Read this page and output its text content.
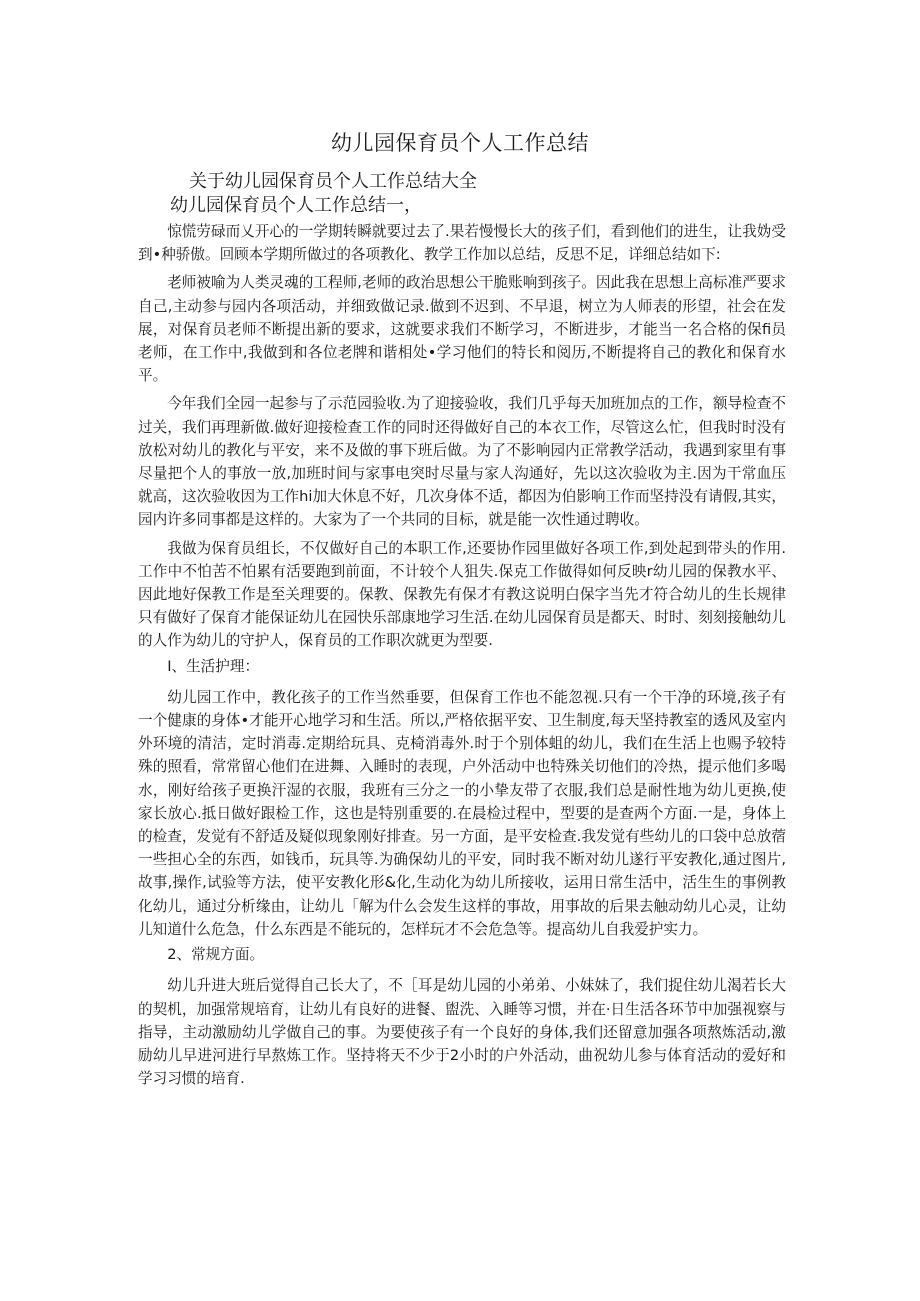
幼儿园保育员个人工作总结
关于幼儿园保育员个人工作总结大全
幼儿园保育员个人工作总结一，

惊慌劳碌而乂开心的一学期转瞬就要过去了.果若慢慢长大的孩子们，看到他们的进生，让我妫受到•种骄傲。回顾本学期所做过的各项教化、教学工作加以总结，反思不足，详细总结如下:

老师被喻为人类灵魂的工程师,老师的政治思想公干脆账响到孩子。因此我在思想上高标准严要求自己,主动参与园内各项活动，并细致做记录.做到不迟到、不早退，树立为人师表的形望，社会在发展，对保育员老师不断提出新的要求，这就要求我们不断学习，不断进步，才能当一名合格的保fi员老师，在工作中,我做到和各位老牌和谐相处•学习他们的特长和阅历,不断提将自己的教化和保育水平。

今年我们全园一起参与了示范园验收.为了迎接验收，我们几乎每天加班加点的工作，额导检查不过关，我们再理新做.做好迎接检查工作的同时还得做好自己的本衣工作，尽管这么忙，但我时时没有放松对幼儿的教化与平安，来不及做的事下班后做。为了不影响园内正常教学活动，我遇到家里有事尽量把个人的事放一放,加班时间与家事电突时尽量与家人沟通好，先以这次验收为主.因为干常血压就高，这次验收因为工作hi加大休息不好，几次身体不适，都因为伯影响工作而坚持没有请假,其实，园内许多同事都是这样的。大家为了一个共同的目标，就是能一次性通过聘收。

我做为保育员组长，不仅做好自己的本职工作,还要协作园里做好各项工作,到处起到带头的作用.工作中不怕苦不怕累有活要跑到前面，不计较个人狙失.保克工作做得如何反映r幼儿园的保教水平、因此地好保教工作是至关理要的。保教、保教先有保才有教这说明白保字当先才符合幼儿的生长规律只有做好了保育才能保证幼儿在园快乐部康地学习生活.在幼儿园保育员是都天、时时、刻刻接触幼儿的人作为幼儿的守护人，保育员的工作职次就更为型要.

I、生活护理：

幼儿园工作中，教化孩子的工作当然垂要，但保育工作也不能忽视.只有一个干净的环境,孩子有一个健康的身体•才能开心地学习和生活。所以,严格依据平安、卫生制度,每天坚持教室的透风及室内外环境的清洁，定时消毒.定期给玩具、克椅消毒外.时于个别体蛆的幼儿，我们在生活上也赐予较特殊的照看，常常留心他们在进舞、入睡时的表现，户外活动中也特殊关切他们的冷热，提示他们多喝水，刚好给孩子更换汗湿的衣服，我班有三分之一的小挚友带了衣服,我们总是耐性地为幼儿更换,使家长放心.抵日做好跟检工作，这也是特别重要的.在晨检过程中，型要的是查两个方面.一是，身体上的检查，发觉有不舒适及疑似现象刚好排查。另一方面，是平安检查.我发觉有些幼儿的口袋中总放蓿一些担心全的东西，如钱币，玩具等.为确保幼儿的平安，同时我不断对幼儿遂行平安教化,通过图片,故事,操作,试验等方法，使平安教化形&化,生动化为幼儿所接收，运用日常生活中，活生生的事例教化幼儿，通过分析缘由，让幼儿「解为什么会发生这样的事故，用事故的后果去触动幼儿心灵，让幼儿知道什么危急，什么东西是不能玩的，怎样玩才不会危急等。提高幼儿自我爱护实力。

2、常规方面。

幼儿升进大班后觉得自己长大了，不［耳是幼儿园的小弟弟、小妹妹了，我们捉住幼儿渴若长大的契机，加强常规培育，让幼儿有良好的进餐、盥洗、入睡等习惯，并在·日生活各环节中加强视察与指导，主动激励幼儿学做自己的事。为要使孩子有一个良好的身体,我们还留意加强各项熬炼活动,激励幼儿早进河进行早熬炼工作。坚持将天不少于2小时的户外活动，曲祝幼儿参与体育活动的爱好和学习习惯的培育.
